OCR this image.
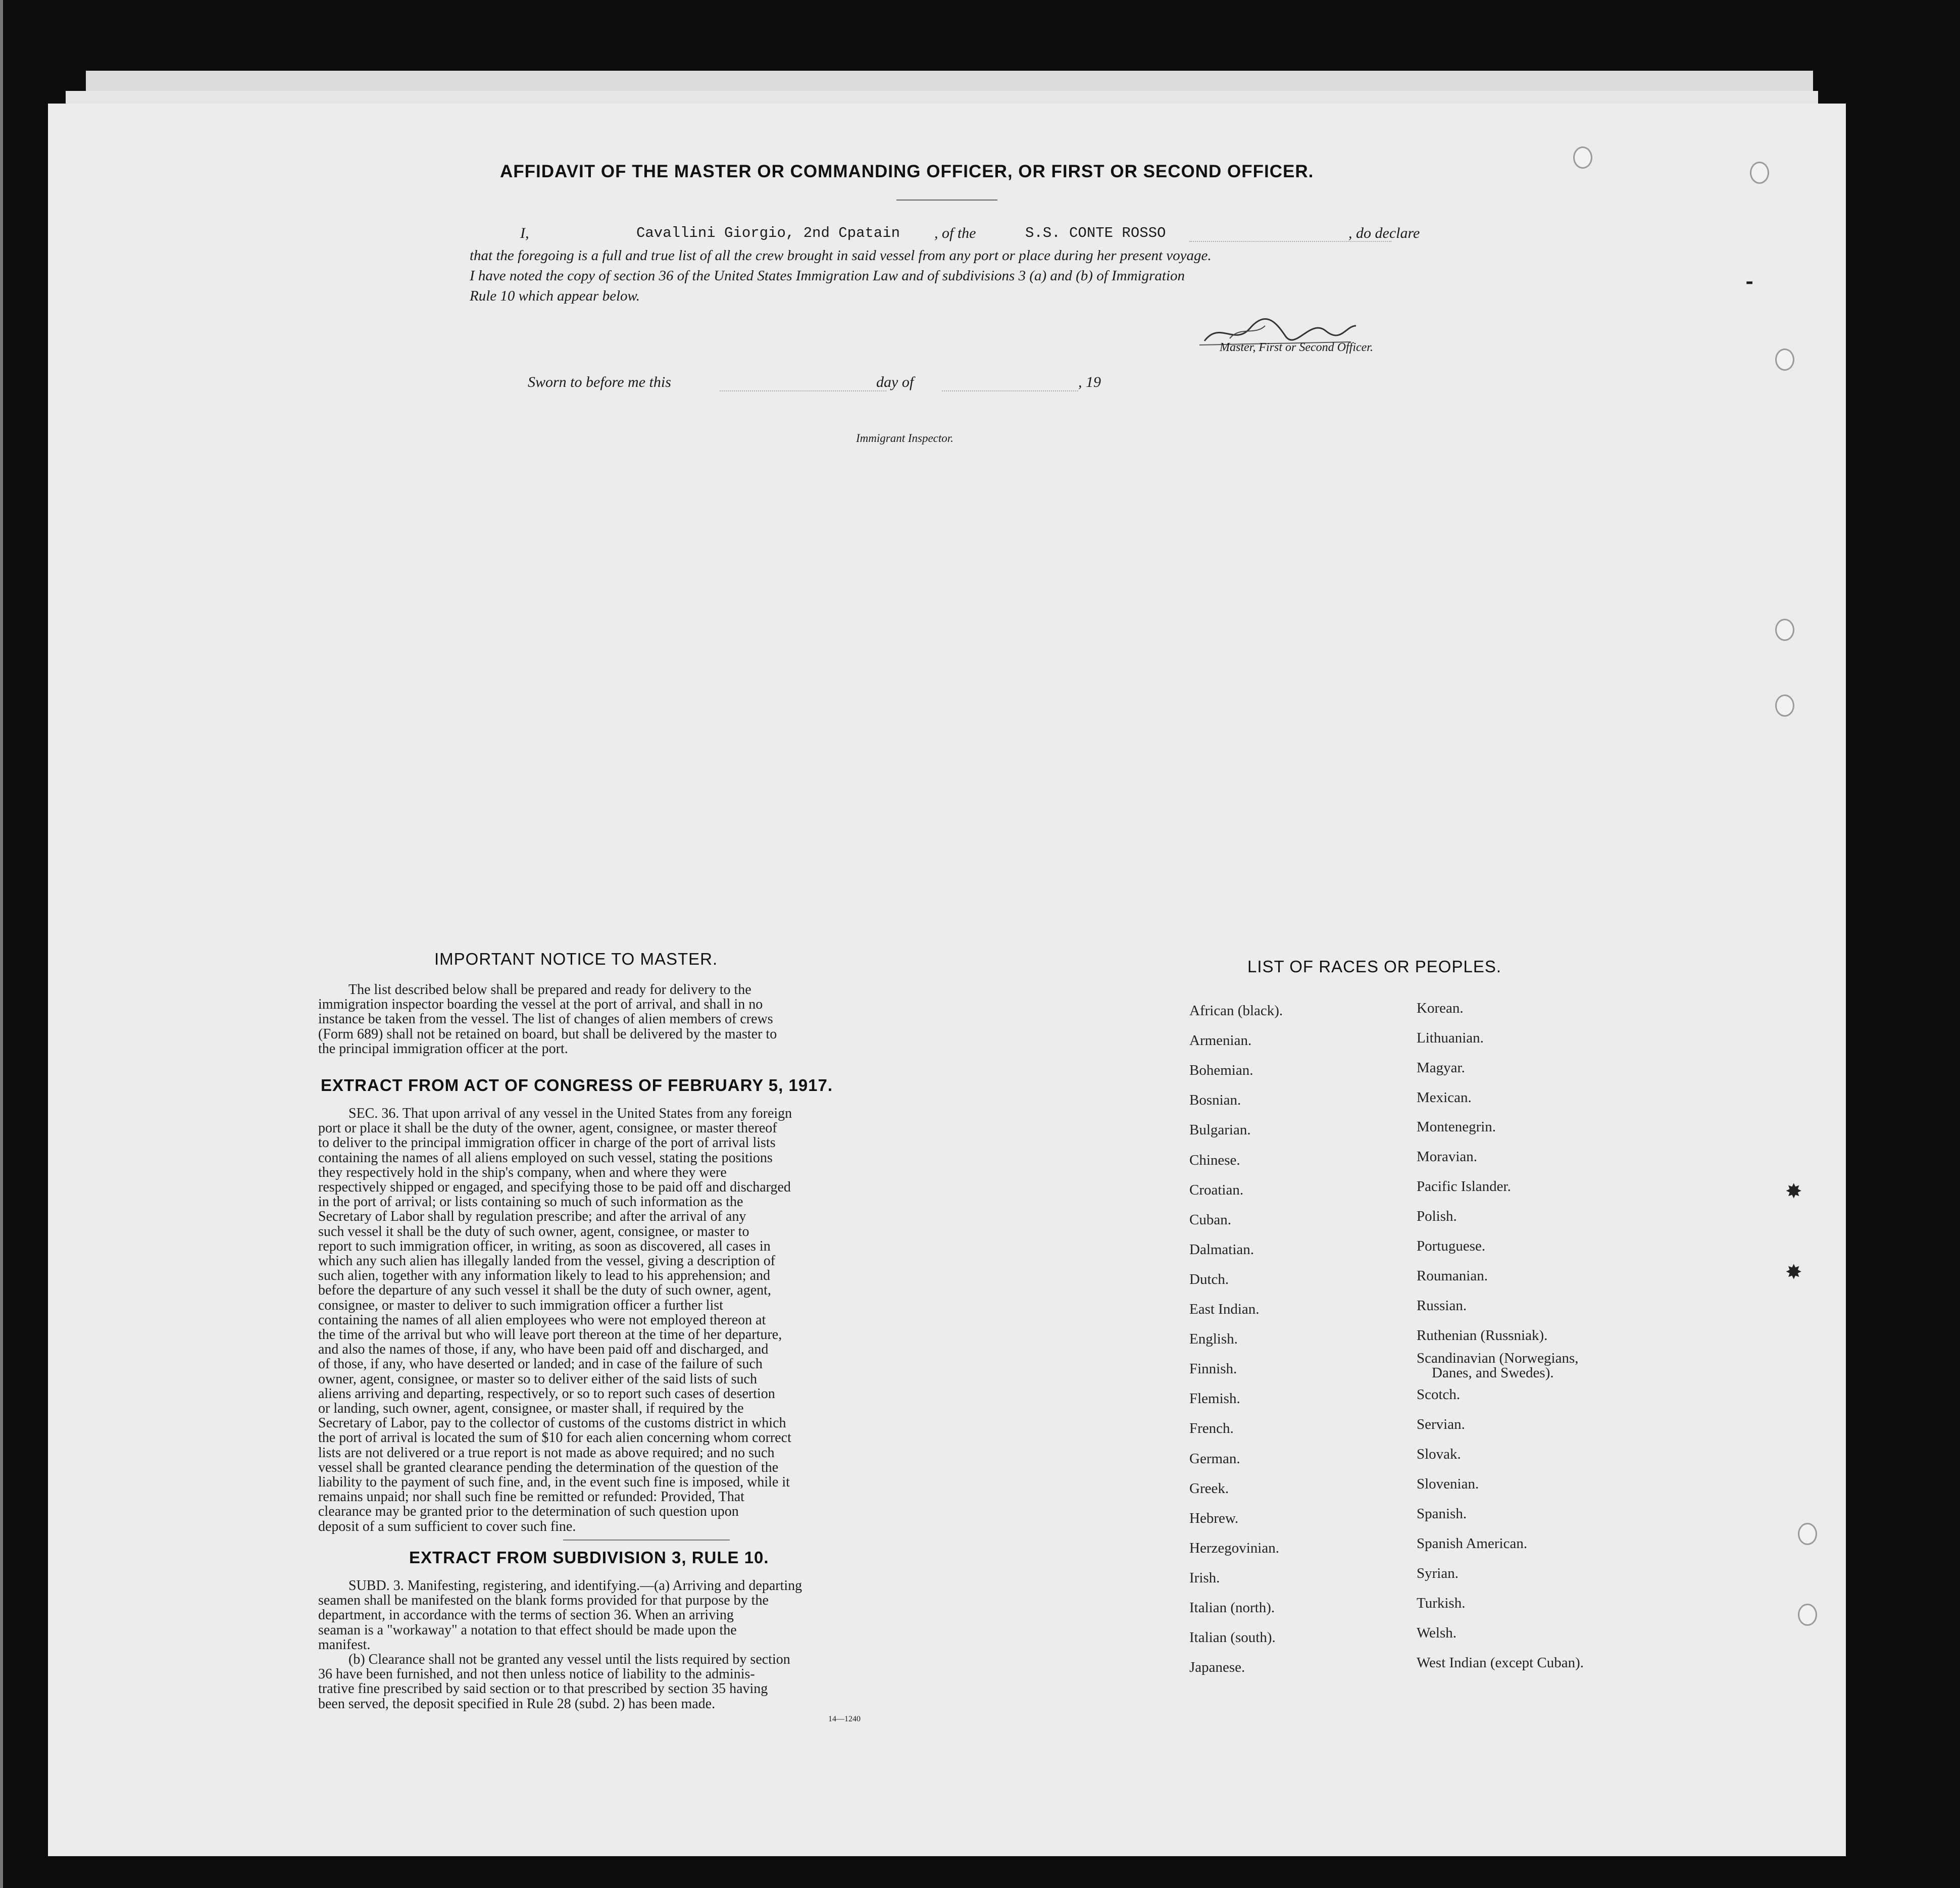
✸
✸
AFFIDAVIT OF THE MASTER OR COMMANDING OFFICER, OR FIRST OR SECOND OFFICER.
I,	Cavallini Giorgio, 2nd Cpatain , of the	S.S. CONTE ROSSO	, do declare
that the foregoing is a full and true list of all the crew brought in said vessel from any port or place during her present voyage.
I have noted the copy of section 36 of the United States Immigration Law and of subdivisions 3 (a) and (b) of Immigration
Rule 10 which appear below.
Master, First or Second Officer.
Sworn to before me this	day of	, 19
Immigrant Inspector.
IMPORTANT NOTICE TO MASTER.
The list described below shall be prepared and ready for delivery to the
immigration inspector boarding the vessel at the port of arrival, and shall in no
instance be taken from the vessel. The list of changes of alien members of crews
(Form 689) shall not be retained on board, but shall be delivered by the master to
the principal immigration officer at the port.
EXTRACT FROM ACT OF CONGRESS OF FEBRUARY 5, 1917.
SEC. 36. That upon arrival of any vessel in the United States from any foreign
port or place it shall be the duty of the owner, agent, consignee, or master thereof
to deliver to the principal immigration officer in charge of the port of arrival lists
containing the names of all aliens employed on such vessel, stating the positions
they respectively hold in the ship's company, when and where they were
respectively shipped or engaged, and specifying those to be paid off and discharged
in the port of arrival; or lists containing so much of such information as the
Secretary of Labor shall by regulation prescribe; and after the arrival of any
such vessel it shall be the duty of such owner, agent, consignee, or master to
report to such immigration officer, in writing, as soon as discovered, all cases in
which any such alien has illegally landed from the vessel, giving a description of
such alien, together with any information likely to lead to his apprehension; and
before the departure of any such vessel it shall be the duty of such owner, agent,
consignee, or master to deliver to such immigration officer a further list
containing the names of all alien employees who were not employed thereon at
the time of the arrival but who will leave port thereon at the time of her departure,
and also the names of those, if any, who have been paid off and discharged, and
of those, if any, who have deserted or landed; and in case of the failure of such
owner, agent, consignee, or master so to deliver either of the said lists of such
aliens arriving and departing, respectively, or so to report such cases of desertion
or landing, such owner, agent, consignee, or master shall, if required by the
Secretary of Labor, pay to the collector of customs of the customs district in which
the port of arrival is located the sum of $10 for each alien concerning whom correct
lists are not delivered or a true report is not made as above required; and no such
vessel shall be granted clearance pending the determination of the question of the
liability to the payment of such fine, and, in the event such fine is imposed, while it
remains unpaid; nor shall such fine be remitted or refunded: Provided, That
clearance may be granted prior to the determination of such question upon
deposit of a sum sufficient to cover such fine.
EXTRACT FROM SUBDIVISION 3, RULE 10.
SUBD. 3. Manifesting, registering, and identifying.—(a) Arriving and departing
seamen shall be manifested on the blank forms provided for that purpose by the
department, in accordance with the terms of section 36. When an arriving
seaman is a "workaway" a notation to that effect should be made upon the
manifest.
(b) Clearance shall not be granted any vessel until the lists required by section
36 have been furnished, and not then unless notice of liability to the adminis-
trative fine prescribed by said section or to that prescribed by section 35 having
been served, the deposit specified in Rule 28 (subd. 2) has been made.
14—1240
LIST OF RACES OR PEOPLES.
African (black).
Armenian.
Bohemian.
Bosnian.
Bulgarian.
Chinese.
Croatian.
Cuban.
Dalmatian.
Dutch.
East Indian.
English.
Finnish.
Flemish.
French.
German.
Greek.
Hebrew.
Herzegovinian.
Irish.
Italian (north).
Italian (south).
Japanese.
Korean.
Lithuanian.
Magyar.
Mexican.
Montenegrin.
Moravian.
Pacific Islander.
Polish.
Portuguese.
Roumanian.
Russian.
Ruthenian (Russniak).
Scandinavian (Norwegians,
Danes, and Swedes).
Scotch.
Servian.
Slovak.
Slovenian.
Spanish.
Spanish American.
Syrian.
Turkish.
Welsh.
West Indian (except Cuban).
⁃
